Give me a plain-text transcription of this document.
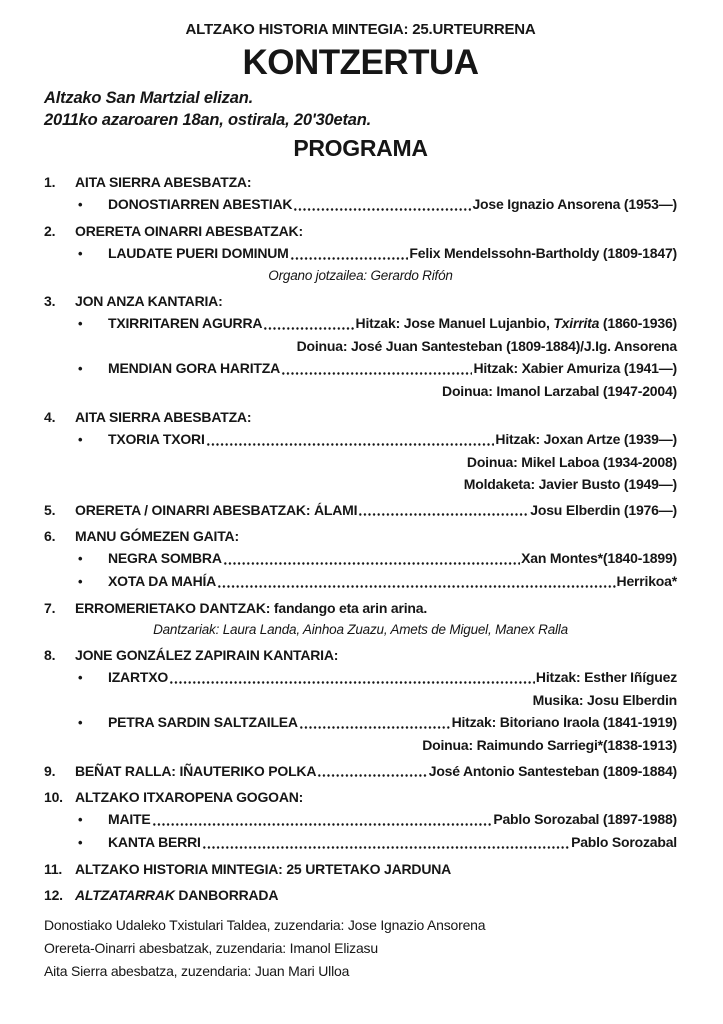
ALTZAKO HISTORIA MINTEGIA: 25.URTEURRENA
KONTZERTUA
Altzako San Martzial elizan.
2011ko azaroaren 18an, ostirala, 20'30etan.
PROGRAMA
1.	AITA SIERRA ABESBATZA:
•	DONOSTIARREN ABESTIAK	Jose Ignazio Ansorena (1953—)
2.	ORERETA OINARRI ABESBATZAK:
•	LAUDATE PUERI DOMINUM	Felix Mendelssohn-Bartholdy (1809-1847)
Organo jotzailea: Gerardo Rifón
3.	JON ANZA KANTARIA:
•	TXIRRITAREN AGURRA	Hitzak: Jose Manuel Lujanbio, Txirrita (1860-1936)
Doinua: José Juan Santesteban (1809-1884)/J.Ig. Ansorena
•	MENDIAN GORA HARITZA	Hitzak: Xabier Amuriza (1941—)
Doinua: Imanol Larzabal (1947-2004)
4.	AITA SIERRA ABESBATZA:
•	TXORIA TXORI	Hitzak: Joxan Artze (1939—)
Doinua: Mikel Laboa (1934-2008)
Moldaketa: Javier Busto (1949—)
5.	ORERETA / OINARRI ABESBATZAK: ÁLAMI	Josu Elberdin (1976—)
6.	MANU GÓMEZEN GAITA:
•	NEGRA SOMBRA	Xan Montes*(1840-1899)
•	XOTA DA MAHÍA	Herrikoa*
7.	ERROMERIETAKO DANTZAK: fandango eta arin arina.
Dantzariak: Laura Landa, Ainhoa Zuazu, Amets de Miguel, Manex Ralla
8.	JONE GONZÁLEZ ZAPIRAIN KANTARIA:
•	IZARTXO	Hitzak: Esther Iñíguez
Musika: Josu Elberdin
•	PETRA SARDIN SALTZAILEA	Hitzak: Bitoriano Iraola (1841-1919)
Doinua: Raimundo Sarriegi*(1838-1913)
9.	BEÑAT RALLA: IÑAUTERIKO POLKA	José Antonio Santesteban (1809-1884)
10. ALTZAKO ITXAROPENA GOGOAN:
•	MAITE	Pablo Sorozabal (1897-1988)
•	KANTA BERRI	Pablo Sorozabal
11. ALTZAKO HISTORIA MINTEGIA: 25 URTETAKO JARDUNA
12. ALTZATARRAK DANBORRADA
Donostiako Udaleko Txistulari Taldea, zuzendaria: Jose Ignazio Ansorena
Orereta-Oinarri abesbatzak, zuzendaria: Imanol Elizasu
Aita Sierra abesbatza, zuzendaria: Juan Mari Ulloa
